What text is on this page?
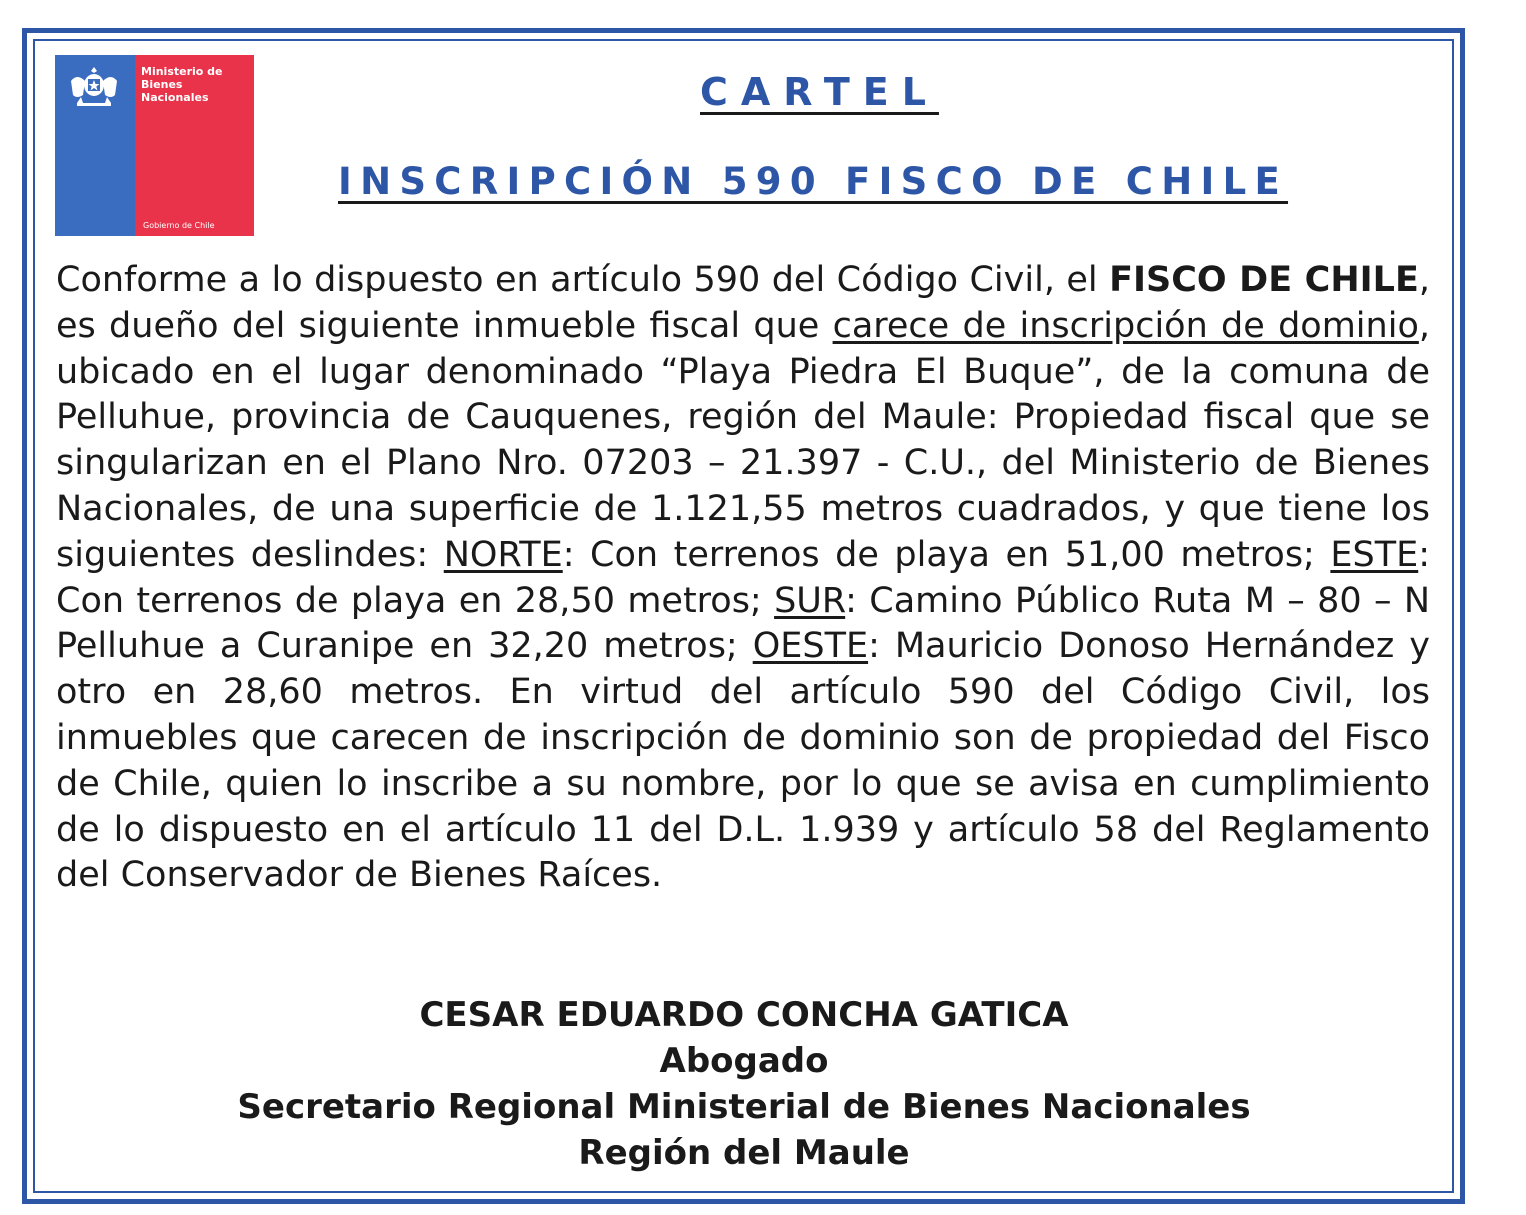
Ministerio de
Bienes
Nacionales
Gobierno de Chile
CARTEL
INSCRIPCIÓN 590 FISCO DE CHILE

Conforme a lo dispuesto en artículo 590 del Código Civil, el FISCO DE CHILE, es dueño del siguiente inmueble fiscal que carece de inscripción de dominio, ubicado en el lugar denominado “Playa Piedra El Buque”, de la comuna de Pelluhue, provincia de Cauquenes, región del Maule: Propiedad fiscal que se singularizan en el Plano Nro. 07203 – 21.397 - C.U., del Ministerio de Bienes Nacionales, de una superficie de 1.121,55 metros cuadrados, y que tiene los siguientes deslindes: NORTE: Con terrenos de playa en 51,00 metros; ESTE: Con terrenos de playa en 28,50 metros; SUR: Camino Público Ruta M – 80 – N Pelluhue a Curanipe en 32,20 metros; OESTE: Mauricio Donoso Hernández y otro en 28,60 metros. En virtud del artículo 590 del Código Civil, los inmuebles que carecen de inscripción de dominio son de propiedad del Fisco de Chile, quien lo inscribe a su nombre, por lo que se avisa en cumplimiento de lo dispuesto en el artículo 11 del D.L. 1.939 y artículo 58 del Reglamento del Conservador de Bienes Raíces.

CESAR EDUARDO CONCHA GATICA
Abogado
Secretario Regional Ministerial de Bienes Nacionales
Región del Maule
